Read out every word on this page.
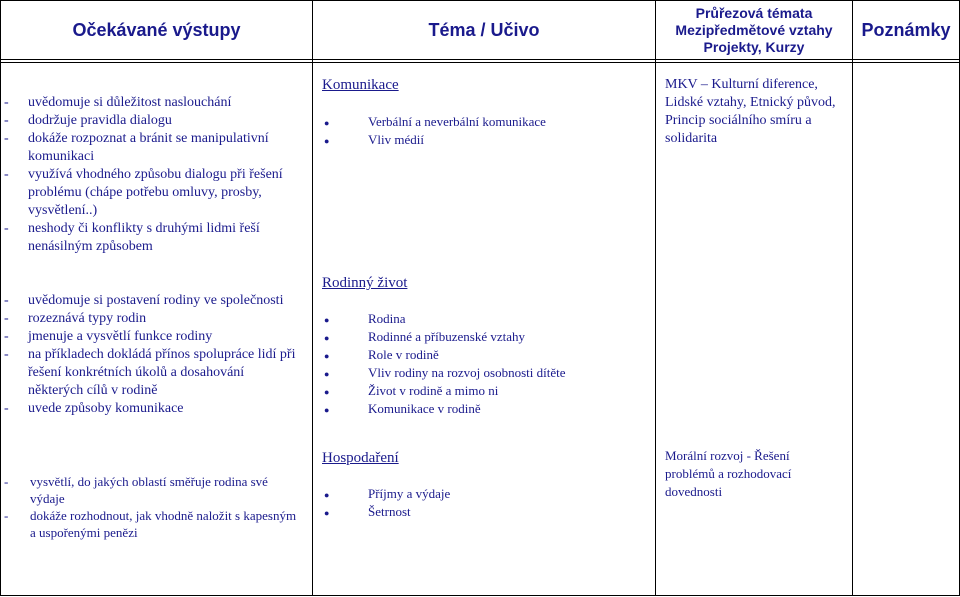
Očekávané výstupy	Téma / Učivo
Průřezová témata
Mezipředmětové vztahy
Projekty, Kurzy
Poznámky
- uvědomuje si důležitost naslouchání
- dodržuje pravidla dialogu
- dokáže rozpoznat a bránit se manipulativní komunikaci
- využívá vhodného způsobu dialogu při řešení problému (chápe potřebu omluvy, prosby, vysvětlení..)
- neshody či konflikty s druhými lidmi řeší nenásilným způsobem
Komunikace
● Verbální a neverbální komunikace
● Vliv médií
MKV – Kulturní diference, Lidské vztahy, Etnický původ, Princip sociálního smíru a solidarita
- uvědomuje si postavení rodiny ve společnosti
- rozeznává typy rodin
- jmenuje a vysvětlí funkce rodiny
- na příkladech dokládá přínos spolupráce lidí při řešení konkrétních úkolů a dosahování některých cílů v rodině
- uvede způsoby komunikace
Rodinný život
● Rodina
● Rodinné a příbuzenské vztahy
● Role v rodině
● Vliv rodiny na rozvoj osobnosti dítěte
● Život v rodině a mimo ni
● Komunikace v rodině
- vysvětlí, do jakých oblastí směřuje rodina své výdaje
- dokáže rozhodnout, jak vhodně naložit s kapesným a uspořenými penězi
Hospodaření
● Příjmy a výdaje
● Šetrnost
Morální rozvoj - Řešení problémů a rozhodovací dovednosti
